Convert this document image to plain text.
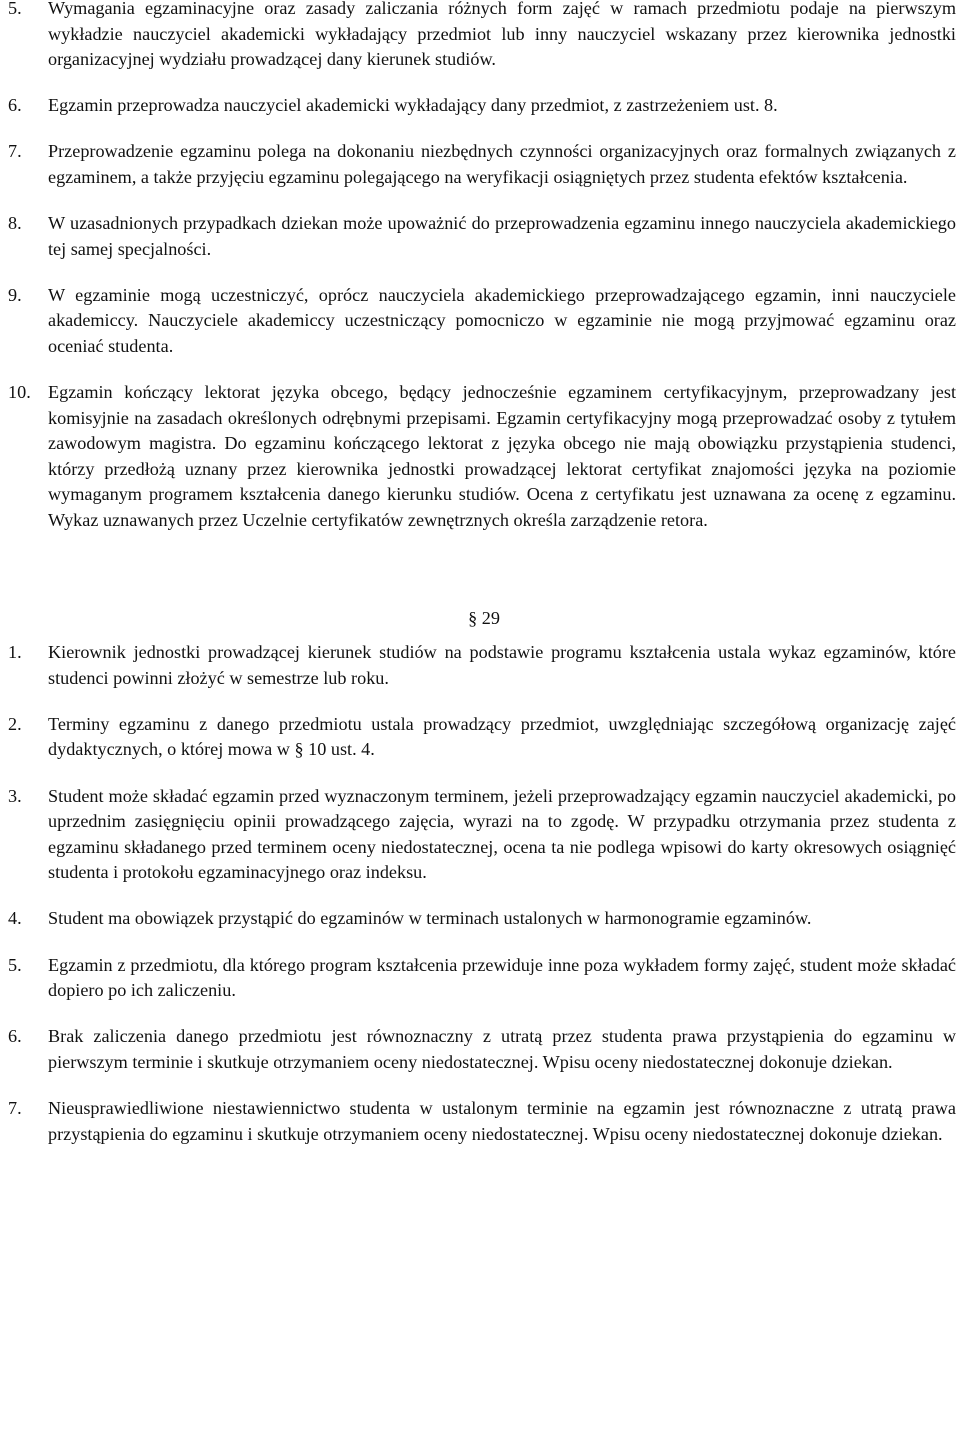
5. Wymagania egzaminacyjne oraz zasady zaliczania różnych form zajęć w ramach przedmiotu podaje na pierwszym wykładzie nauczyciel akademicki wykładający przedmiot lub inny nauczyciel wskazany przez kierownika jednostki organizacyjnej wydziału prowadzącej dany kierunek studiów.
6. Egzamin przeprowadza nauczyciel akademicki wykładający dany przedmiot, z zastrzeżeniem ust. 8.
7. Przeprowadzenie egzaminu polega na dokonaniu niezbędnych czynności organizacyjnych oraz formalnych związanych z egzaminem, a także przyjęciu egzaminu polegającego na weryfikacji osiągniętych przez studenta efektów kształcenia.
8. W uzasadnionych przypadkach dziekan może upoważnić do przeprowadzenia egzaminu innego nauczyciela akademickiego tej samej specjalności.
9. W egzaminie mogą uczestniczyć, oprócz nauczyciela akademickiego przeprowadzającego egzamin, inni nauczyciele akademiccy. Nauczyciele akademiccy uczestniczący pomocniczo w egzaminie nie mogą przyjmować egzaminu oraz oceniać studenta.
10. Egzamin kończący lektorat języka obcego, będący jednocześnie egzaminem certyfikacyjnym, przeprowadzany jest komisyjnie na zasadach określonych odrębnymi przepisami. Egzamin certyfikacyjny mogą przeprowadzać osoby z tytułem zawodowym magistra. Do egzaminu kończącego lektorat z języka obcego nie mają obowiązku przystąpienia studenci, którzy przedłożą uznany przez kierownika jednostki prowadzącej lektorat certyfikat znajomości języka na poziomie wymaganym programem kształcenia danego kierunku studiów. Ocena z certyfikatu jest uznawana za ocenę z egzaminu. Wykaz uznawanych przez Uczelnie certyfikatów zewnętrznych określa zarządzenie retora.
§ 29
1. Kierownik jednostki prowadzącej kierunek studiów na podstawie programu kształcenia ustala wykaz egzaminów, które studenci powinni złożyć w semestrze lub roku.
2. Terminy egzaminu z danego przedmiotu ustala prowadzący przedmiot, uwzględniając szczegółową organizację zajęć dydaktycznych, o której mowa w § 10 ust. 4.
3. Student może składać egzamin przed wyznaczonym terminem, jeżeli przeprowadzający egzamin nauczyciel akademicki, po uprzednim zasięgnięciu opinii prowadzącego zajęcia, wyrazi na to zgodę. W przypadku otrzymania przez studenta z egzaminu składanego przed terminem oceny niedostatecznej, ocena ta nie podlega wpisowi do karty okresowych osiągnięć studenta i protokołu egzaminacyjnego oraz indeksu.
4. Student ma obowiązek przystąpić do egzaminów w terminach ustalonych w harmonogramie egzaminów.
5. Egzamin z przedmiotu, dla którego program kształcenia przewiduje inne poza wykładem formy zajęć, student może składać dopiero po ich zaliczeniu.
6. Brak zaliczenia danego przedmiotu jest równoznaczny z utratą przez studenta prawa przystąpienia do egzaminu w pierwszym terminie i skutkuje otrzymaniem oceny niedostatecznej. Wpisu oceny niedostatecznej dokonuje dziekan.
7. Nieusprawiedliwione niestawiennictwo studenta w ustalonym terminie na egzamin jest równoznaczne z utratą prawa przystąpienia do egzaminu i skutkuje otrzymaniem oceny niedostatecznej. Wpisu oceny niedostatecznej dokonuje dziekan.
